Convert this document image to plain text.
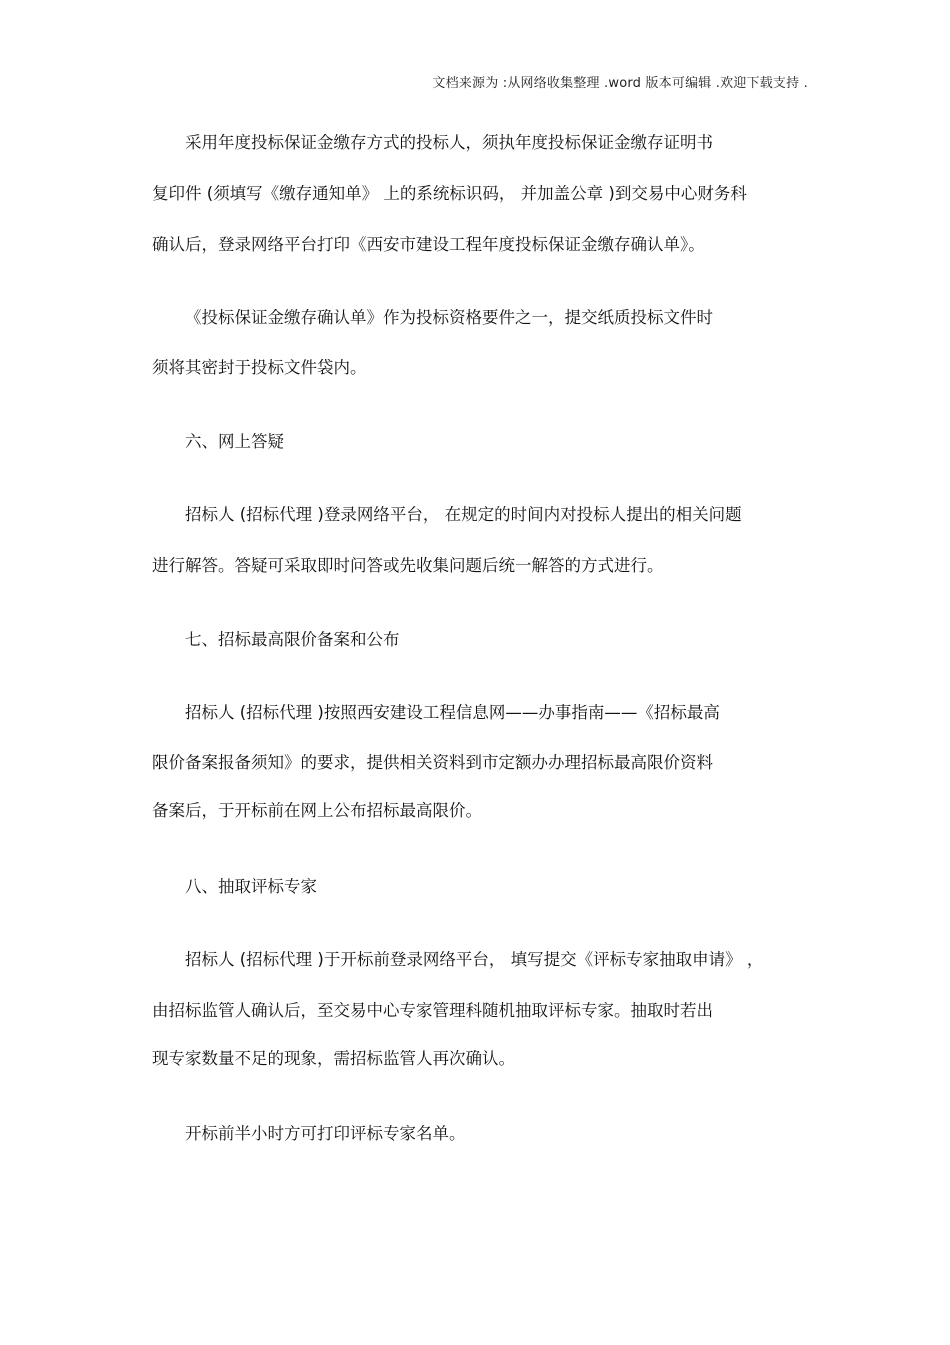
文档来源为 :从网络收集整理 .word 版本可编辑 .欢迎下载支持 .
采用年度投标保证金缴存方式的投标人，须执年度投标保证金缴存证明书
复印件 (须填写《缴存通知单》 上的系统标识码， 并加盖公章 )到交易中心财务科
确认后，登录网络平台打印《西安市建设工程年度投标保证金缴存确认单》。
《投标保证金缴存确认单》作为投标资格要件之一，提交纸质投标文件时
须将其密封于投标文件袋内。
六、网上答疑
招标人 (招标代理 )登录网络平台， 在规定的时间内对投标人提出的相关问题
进行解答。答疑可采取即时问答或先收集问题后统一解答的方式进行。
七、招标最高限价备案和公布
招标人 (招标代理 )按照西安建设工程信息网——办事指南——《招标最高
限价备案报备须知》的要求，提供相关资料到市定额办办理招标最高限价资料
备案后，于开标前在网上公布招标最高限价。
八、抽取评标专家
招标人 (招标代理 )于开标前登录网络平台， 填写提交《评标专家抽取申请》 ，
由招标监管人确认后，至交易中心专家管理科随机抽取评标专家。抽取时若出
现专家数量不足的现象，需招标监管人再次确认。
开标前半小时方可打印评标专家名单。
